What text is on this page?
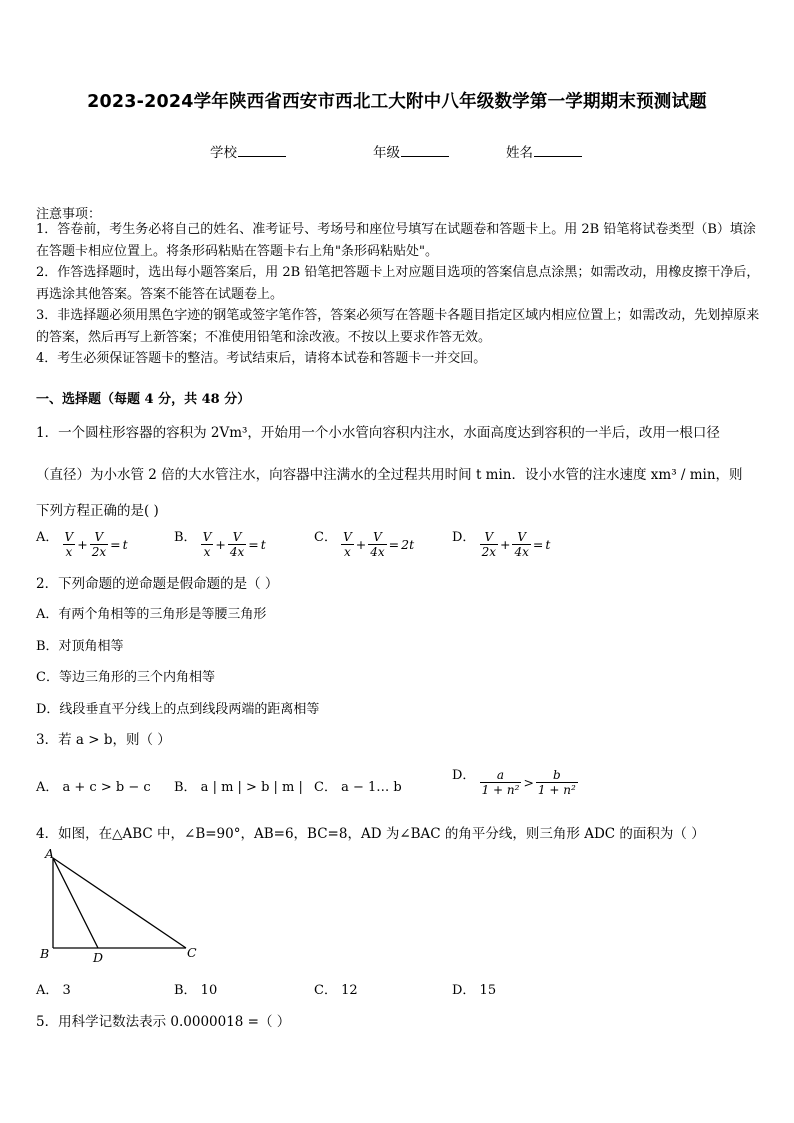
2023-2024学年陕西省西安市西北工大附中八年级数学第一学期期末预测试题
学校	年级	姓名
注意事项：
1．答卷前，考生务必将自己的姓名、准考证号、考场号和座位号填写在试题卷和答题卡上。用 2B 铅笔将试卷类型（B）填涂在答题卡相应位置上。将条形码粘贴在答题卡右上角"条形码粘贴处"。
2．作答选择题时，选出每小题答案后，用 2B 铅笔把答题卡上对应题目选项的答案信息点涂黑；如需改动，用橡皮擦干净后，再选涂其他答案。答案不能答在试题卷上。
3．非选择题必须用黑色字迹的钢笔或签字笔作答，答案必须写在答题卡各题目指定区域内相应位置上；如需改动，先划掉原来的答案，然后再写上新答案；不准使用铅笔和涂改液。不按以上要求作答无效。
4．考生必须保证答题卡的整洁。考试结束后，请将本试卷和答题卡一并交回。
一、选择题（每题 4 分，共 48 分）
1．一个圆柱形容器的容积为 2Vm³，开始用一个小水管向容积内注水，水面高度达到容积的一半后，改用一根口径
（直径）为小水管 2 倍的大水管注水，向容器中注满水的全过程共用时间 t min．设小水管的注水速度 xm³ / min，则
下列方程正确的是( )
A． $\frac{V}{x} + \frac{V}{2x} = t$	B． $\frac{V}{x} + \frac{V}{4x} = t$	C． $\frac{V}{x} + \frac{V}{4x} = 2t$	D． $\frac{V}{2x} + \frac{V}{4x} = t$
2．下列命题的逆命题是假命题的是（ ）
A．有两个角相等的三角形是等腰三角形
B．对顶角相等
C．等边三角形的三个内角相等
D．线段垂直平分线上的点到线段两端的距离相等
3．若 a > b，则（ ）
A． a + c > b − c B． a | m | > b | m | C． a − 1… b
D． $\frac{a}{\text{1 + n²}} > \frac{b}{\text{1 + n²}}$
4．如图，在△ABC 中，∠B=90°，AB=6，BC=8，AD 为∠BAC 的角平分线，则三角形 ADC 的面积为（ ）
A
B	D	C
A． 3	B． 10	C． 12	D． 15
5．用科学记数法表示 0.0000018 =（ ）
